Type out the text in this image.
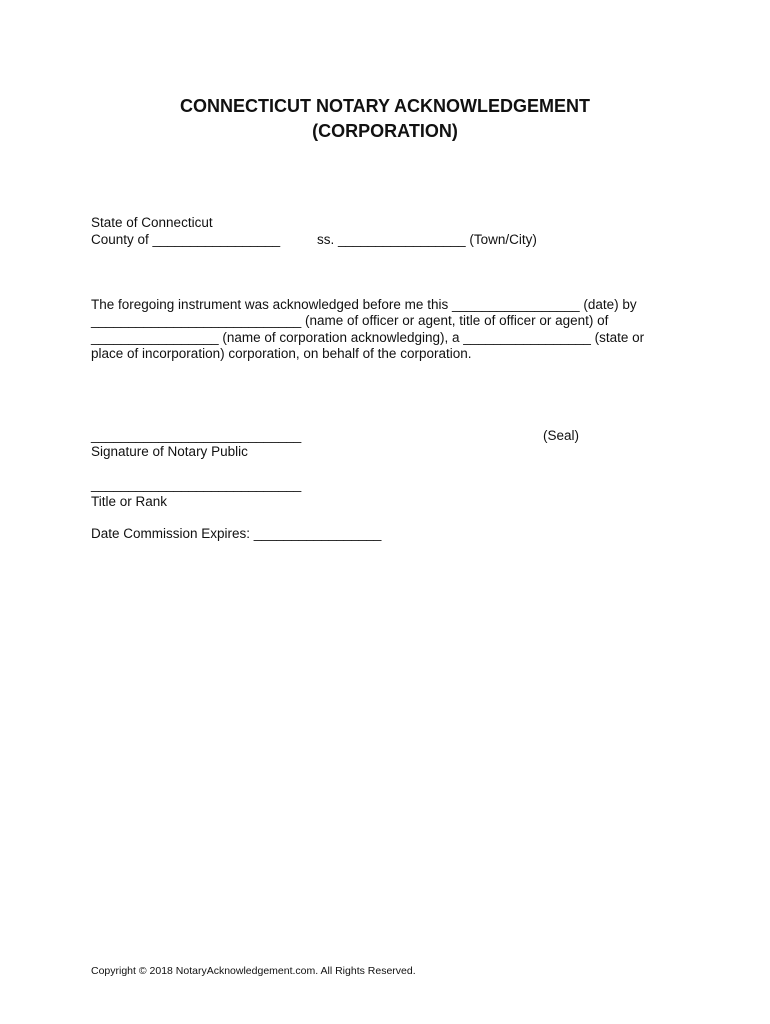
CONNECTICUT NOTARY ACKNOWLEDGEMENT
(CORPORATION)
State of Connecticut
County of _________________	ss. _________________ (Town/City)
The foregoing instrument was acknowledged before me this _________________ (date) by
____________________________ (name of officer or agent, title of officer or agent) of
_________________ (name of corporation acknowledging), a _________________ (state or
place of incorporation) corporation, on behalf of the corporation.
____________________________	(Seal)
Signature of Notary Public
____________________________
Title or Rank
Date Commission Expires: _________________
Copyright © 2018 NotaryAcknowledgement.com. All Rights Reserved.
